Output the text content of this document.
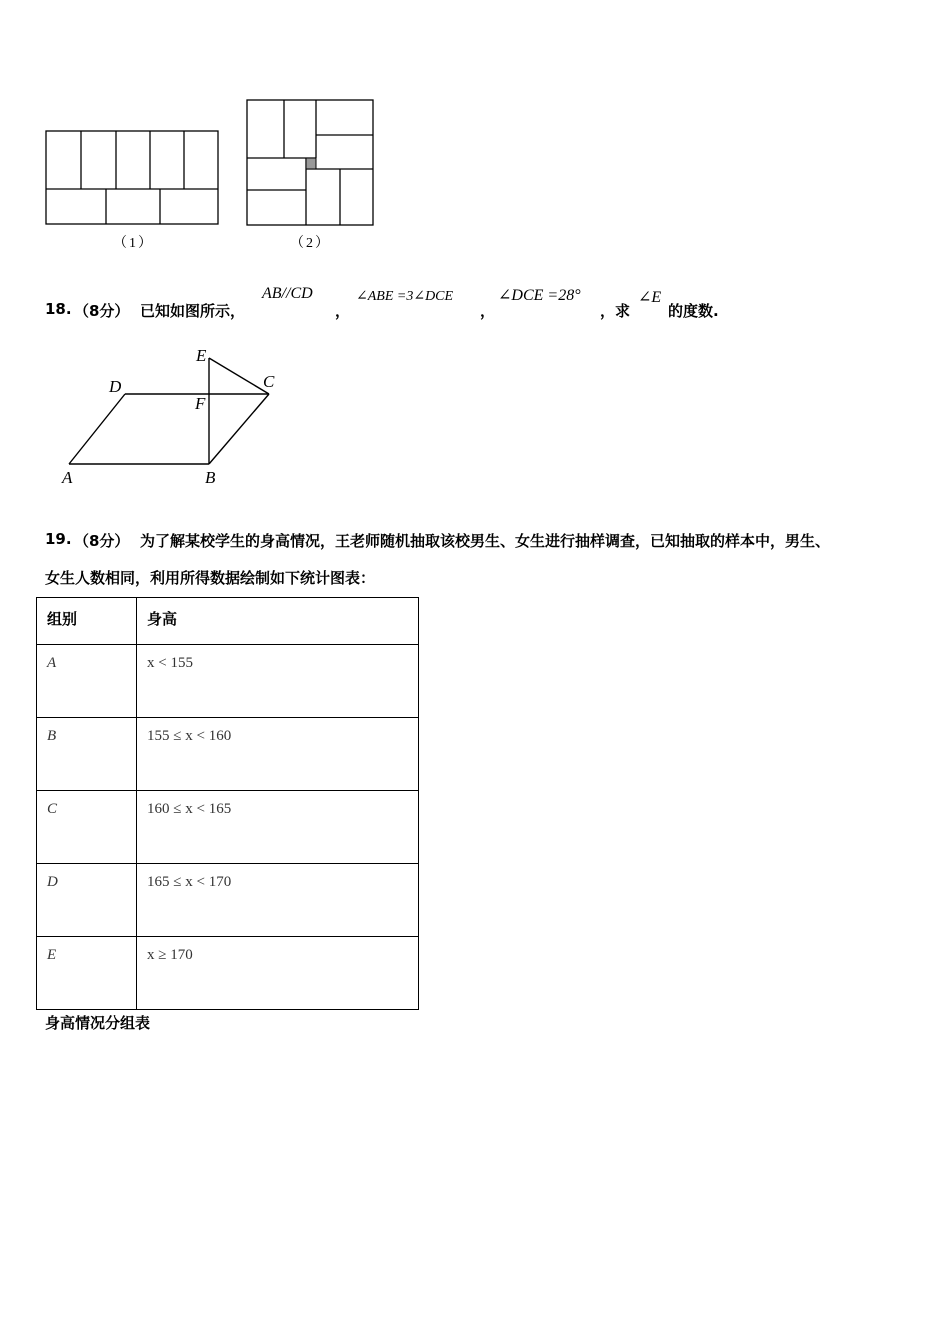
（1）	（2）
18. （8分） 已知如图所示，
AB//CD
，
∠ABE =3∠DCE
，
∠DCE =28°
，求
∠E
的度数.
E
D	C
F
A	B
19. （8分） 为了解某校学生的身高情况，王老师随机抽取该校男生、女生进行抽样调查，已知抽取的样本中，男生、
女生人数相同，利用所得数据绘制如下统计图表：
组别	身高
A	x < 155
B	155 ≤ x < 160
C	160 ≤ x < 165
D	165 ≤ x < 170
E	x ≥ 170
身高情况分组表
